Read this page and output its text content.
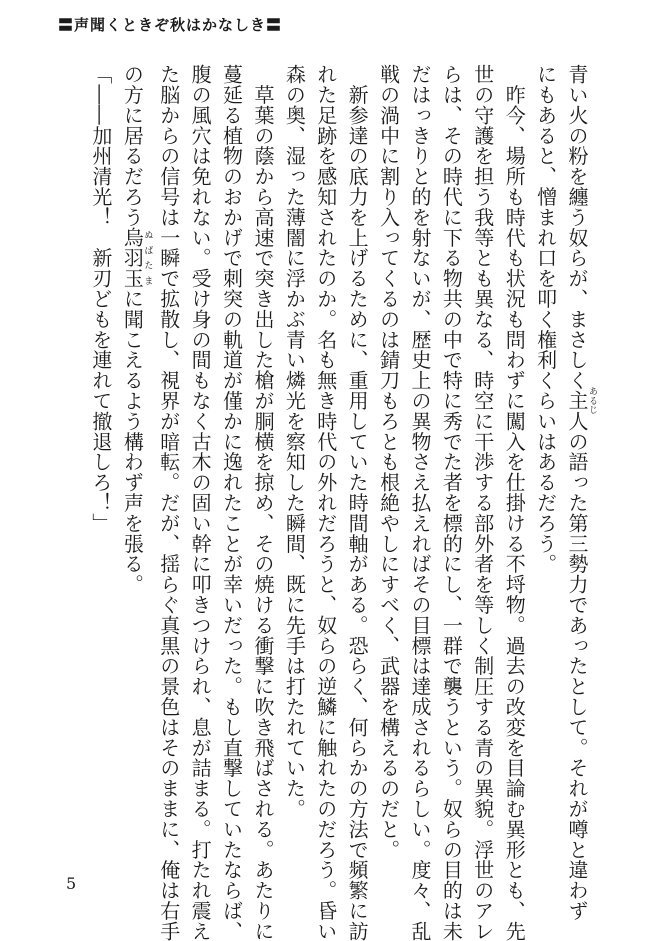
〓声聞くときぞ秋はかなしき〓

青い火の粉を纏う奴らが、まさしく主あるじ人の語った第三勢力であったとして。それが噂と違わず

にもあると、憎まれ口を叩く権利くらいはあるだろう。

　昨今、場所も時代も状況も問わずに闖入を仕掛ける不埒物。過去の改変を目論む異形とも、先

世の守護を担う我等とも異なる、時空に干渉する部外者を等しく制圧する青の異貌。浮世のアレ

らは、その時代に下る物共の中で特に秀でた者を標的にし、一群で襲うという。奴らの目的は未

だはっきりと的を射ないが、歴史上の異物さえ払えればその目標は達成されるらしい。度々、乱

戦の渦中に割り入ってくるのは錆刀もろとも根絶やしにすべく、武器を構えるのだと。

　新参達の底力を上げるために、重用していた時間軸がある。恐らく、何らかの方法で頻繁に訪

れた足跡を感知されたのか。名も無き時代の外れだろうと、奴らの逆鱗に触れたのだろう。昏い

森の奥、湿った薄闇に浮かぶ青い燐光を察知した瞬間、既に先手は打たれていた。

　草葉の蔭から高速で突き出した槍が胴横を掠め、その焼ける衝撃に吹き飛ばされる。あたりに

蔓延る植物のおかげで刺突の軌道が僅かに逸れたことが幸いだった。もし直撃していたならば、

腹の風穴は免れない。受け身の間もなく古木の固い幹に叩きつけられ、息が詰まる。打たれ震え

た脳からの信号は一瞬で拡散し、視界が暗転。だが、揺らぐ真黒の景色はそのままに、俺は右手

の方に居るだろう烏羽玉ぬばたまに聞こえるよう構わず声を張る。

「――加州清光！　新刃どもを連れて撤退しろ！」

5
